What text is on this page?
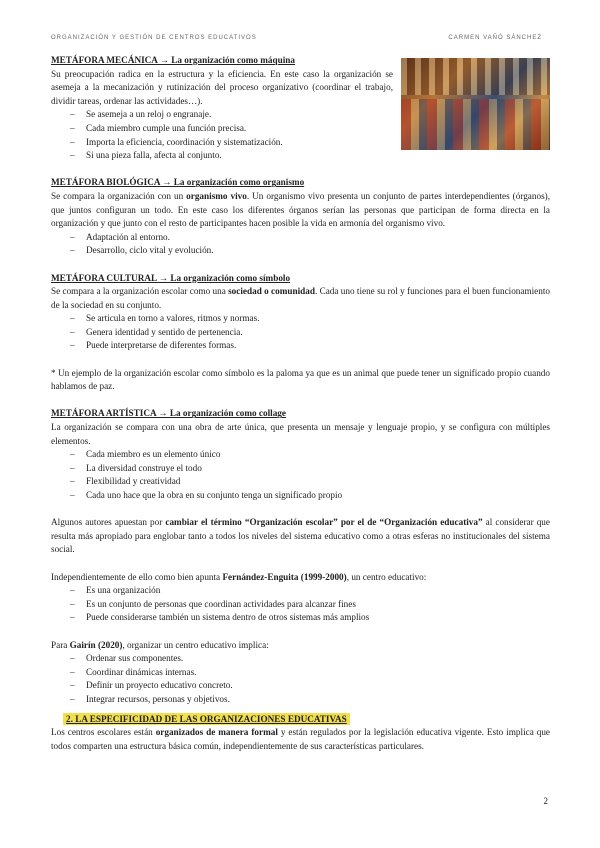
ORGANIZACIÓN Y GESTIÓN DE CENTROS EDUCATIVOS	CARMEN VAÑÓ SÁNCHEZ

METÁFORA MECÁNICA → La organización como máquina

Su preocupación radica en la estructura y la eficiencia. En este caso la organización se asemeja a la mecanización y rutinización del proceso organizativo (coordinar el trabajo, dividir tareas, ordenar las actividades…).

– Se asemeja a un reloj o engranaje.
– Cada miembro cumple una función precisa.
– Importa la eficiencia, coordinación y sistematización.
– Si una pieza falla, afecta al conjunto.

METÁFORA BIOLÓGICA → La organización como organismo

Se compara la organización con un organismo vivo. Un organismo vivo presenta un conjunto de partes interdependientes (órganos), que juntos configuran un todo. En este caso los diferentes órganos serían las personas que participan de forma directa en la organización y que junto con el resto de participantes hacen posible la vida en armonía del organismo vivo.

– Adaptación al entorno.
– Desarrollo, ciclo vital y evolución.

METÁFORA CULTURAL → La organización como símbolo

Se compara a la organización escolar como una sociedad o comunidad. Cada uno tiene su rol y funciones para el buen funcionamiento de la sociedad en su conjunto.

– Se articula en torno a valores, ritmos y normas.
– Genera identidad y sentido de pertenencia.
– Puede interpretarse de diferentes formas.

* Un ejemplo de la organización escolar como símbolo es la paloma ya que es un animal que puede tener un significado propio cuando hablamos de paz.

METÁFORA ARTÍSTICA → La organización como collage

La organización se compara con una obra de arte única, que presenta un mensaje y lenguaje propio, y se configura con múltiples elementos.

– Cada miembro es un elemento único
– La diversidad construye el todo
– Flexibilidad y creatividad
– Cada uno hace que la obra en su conjunto tenga un significado propio

Algunos autores apuestan por cambiar el término “Organización escolar” por el de “Organización educativa” al considerar que resulta más apropiado para englobar tanto a todos los niveles del sistema educativo como a otras esferas no institucionales del sistema social.

Independientemente de ello como bien apunta Fernández-Enguita (1999-2000), un centro educativo:

– Es una organización
– Es un conjunto de personas que coordinan actividades para alcanzar fines
– Puede considerarse también un sistema dentro de otros sistemas más amplios

Para Gairín (2020), organizar un centro educativo implica:

– Ordenar sus componentes.
– Coordinar dinámicas internas.
– Definir un proyecto educativo concreto.
– Integrar recursos, personas y objetivos.

2. LA ESPECIFICIDAD DE LAS ORGANIZACIONES EDUCATIVAS

Los centros escolares están organizados de manera formal y están regulados por la legislación educativa vigente. Esto implica que todos comparten una estructura básica común, independientemente de sus características particulares.

2
